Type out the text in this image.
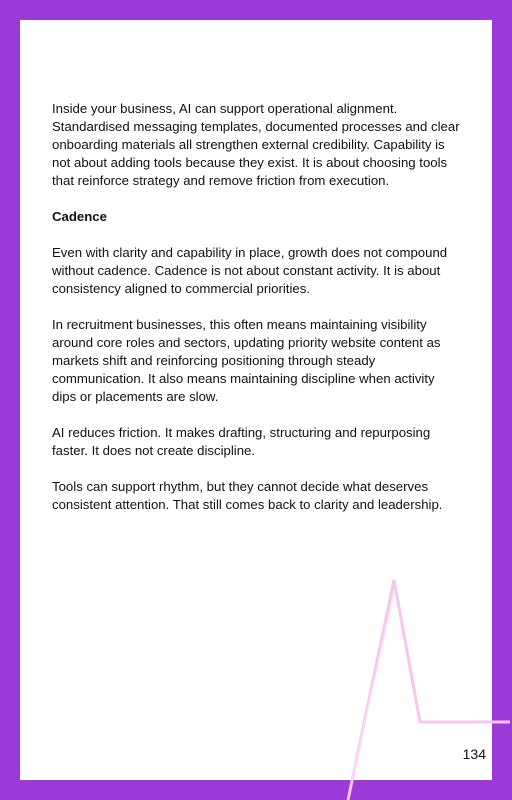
Inside your business, AI can support operational alignment. Standardised messaging templates, documented processes and clear onboarding materials all strengthen external credibility. Capability is not about adding tools because they exist. It is about choosing tools that reinforce strategy and remove friction from execution.

Cadence

Even with clarity and capability in place, growth does not compound without cadence. Cadence is not about constant activity. It is about consistency aligned to commercial priorities.

In recruitment businesses, this often means maintaining visibility around core roles and sectors, updating priority website content as markets shift and reinforcing positioning through steady communication. It also means maintaining discipline when activity dips or placements are slow.

AI reduces friction. It makes drafting, structuring and repurposing faster. It does not create discipline.

Tools can support rhythm, but they cannot decide what deserves consistent attention. That still comes back to clarity and leadership.

134
